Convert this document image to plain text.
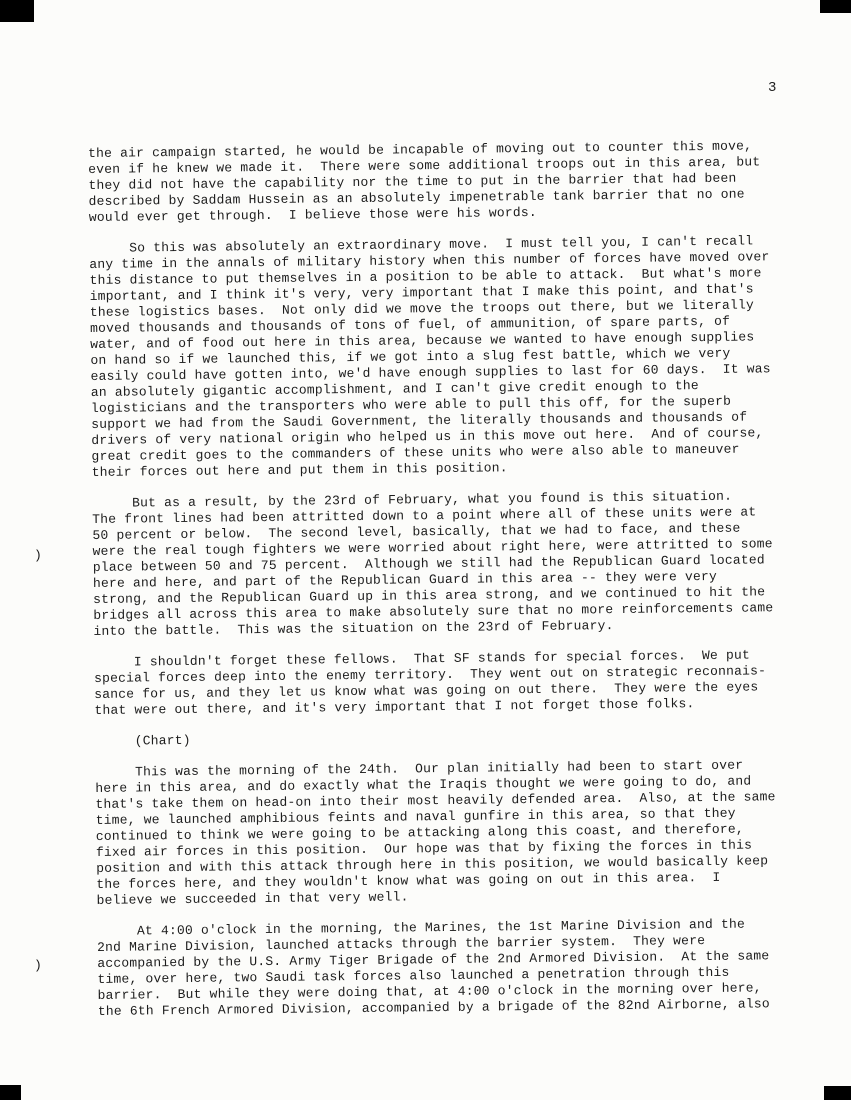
3
)
)
the air campaign started, he would be incapable of moving out to counter this move,
even if he knew we made it.  There were some additional troops out in this area, but
they did not have the capability nor the time to put in the barrier that had been
described by Saddam Hussein as an absolutely impenetrable tank barrier that no one
would ever get through.  I believe those were his words.
So this was absolutely an extraordinary move.  I must tell you, I can't recall
any time in the annals of military history when this number of forces have moved over
this distance to put themselves in a position to be able to attack.  But what's more
important, and I think it's very, very important that I make this point, and that's
these logistics bases.  Not only did we move the troops out there, but we literally
moved thousands and thousands of tons of fuel, of ammunition, of spare parts, of
water, and of food out here in this area, because we wanted to have enough supplies
on hand so if we launched this, if we got into a slug fest battle, which we very
easily could have gotten into, we'd have enough supplies to last for 60 days.  It was
an absolutely gigantic accomplishment, and I can't give credit enough to the
logisticians and the transporters who were able to pull this off, for the superb
support we had from the Saudi Government, the literally thousands and thousands of
drivers of very national origin who helped us in this move out here.  And of course,
great credit goes to the commanders of these units who were also able to maneuver
their forces out here and put them in this position.
But as a result, by the 23rd of February, what you found is this situation.
The front lines had been attritted down to a point where all of these units were at
50 percent or below.  The second level, basically, that we had to face, and these
were the real tough fighters we were worried about right here, were attritted to some
place between 50 and 75 percent.  Although we still had the Republican Guard located
here and here, and part of the Republican Guard in this area -- they were very
strong, and the Republican Guard up in this area strong, and we continued to hit the
bridges all across this area to make absolutely sure that no more reinforcements came
into the battle.  This was the situation on the 23rd of February.
I shouldn't forget these fellows.  That SF stands for special forces.  We put
special forces deep into the enemy territory.  They went out on strategic reconnais-
sance for us, and they let us know what was going on out there.  They were the eyes
that were out there, and it's very important that I not forget those folks.
(Chart)
This was the morning of the 24th.  Our plan initially had been to start over
here in this area, and do exactly what the Iraqis thought we were going to do, and
that's take them on head-on into their most heavily defended area.  Also, at the same
time, we launched amphibious feints and naval gunfire in this area, so that they
continued to think we were going to be attacking along this coast, and therefore,
fixed air forces in this position.  Our hope was that by fixing the forces in this
position and with this attack through here in this position, we would basically keep
the forces here, and they wouldn't know what was going on out in this area.  I
believe we succeeded in that very well.
At 4:00 o'clock in the morning, the Marines, the 1st Marine Division and the
2nd Marine Division, launched attacks through the barrier system.  They were
accompanied by the U.S. Army Tiger Brigade of the 2nd Armored Division.  At the same
time, over here, two Saudi task forces also launched a penetration through this
barrier.  But while they were doing that, at 4:00 o'clock in the morning over here,
the 6th French Armored Division, accompanied by a brigade of the 82nd Airborne, also
